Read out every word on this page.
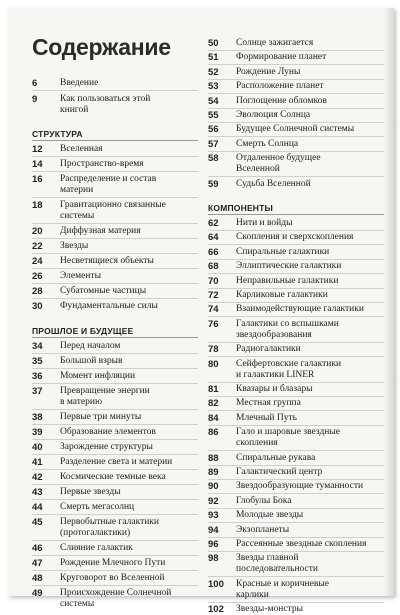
Содержание
6	Введение
9	Как пользоваться этой
книгой
СТРУКТУРА
12	Вселенная
14	Пространство-время
16	Распределение и состав
материи
18	Гравитационно связанные
системы
20	Диффузная материя
22	Звезды
24	Несветящиеся объекты
26	Элементы
28	Субатомные частицы
30	Фундаментальные силы
ПРОШЛОЕ И БУДУЩЕЕ
34	Перед началом
35	Большой взрыв
36	Момент инфляции
37	Превращение энергии
в материю
38	Первые три минуты
39	Образование элементов
40	Зарождение структуры
41	Разделение света и материи
42	Космические темные века
43	Первые звезды
44	Смерть мегасолнц
45	Первобытные галактики
(протогалактики)
46	Слияние галактик
47	Рождение Млечного Пути
48	Круговорот во Вселенной
49	Происхождение Солнечной
системы
50	Солнце зажигается
51	Формирование планет
52	Рождение Луны
53	Расположение планет
54	Поглощение обломков
55	Эволюция Солнца
56	Будущее Солнечной системы
57	Смерть Солнца
58	Отдаленное будущее
Вселенной
59	Судьба Вселенной
КОМПОНЕНТЫ
62	Нити и войды
64	Скопления и сверхскопления
66	Спиральные галактики
68	Эллиптические галактики
70	Неправильные галактики
72	Карликовые галактики
74	Взаимодействующие галактики
76	Галактики со вспышками
звездообразования
78	Радиогалактики
80	Сейфертовские галактики
и галактики LINER
81	Квазары и блазары
82	Местная группа
84	Млечный Путь
86	Гало и шаровые звездные
скопления
88	Спиральные рукава
89	Галактический центр
90	Звездообразующие туманности
92	Глобулы Бока
93	Молодые звезды
94	Экзопланеты
96	Рассеянные звездные скопления
98	Звезды главной
последовательности
100	Красные и коричневые
карлики
102	Звезды-монстры
